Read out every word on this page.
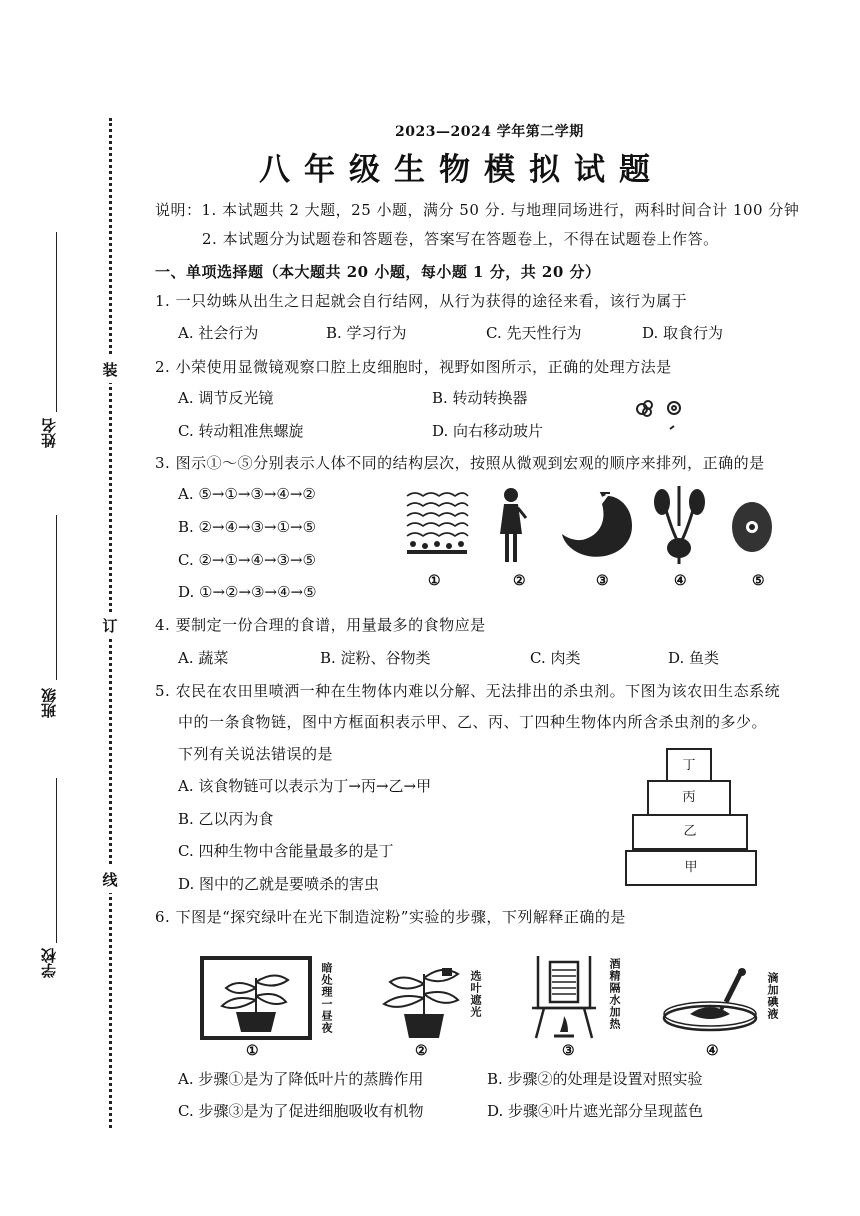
装
订
线
姓名
班级
学校
2023—2024 学年第二学期
八年级生物模拟试题
说明：1. 本试题共 2 大题，25 小题，满分 50 分. 与地理同场进行，两科时间合计 100 分钟
2. 本试题分为试题卷和答题卷，答案写在答题卷上，不得在试题卷上作答。
一、单项选择题（本大题共 20 小题，每小题 1 分，共 20 分）
1. 一只幼蛛从出生之日起就会自行结网，从行为获得的途径来看，该行为属于
A. 社会行为	B. 学习行为	C. 先天性行为	D. 取食行为
2. 小荣使用显微镜观察口腔上皮细胞时，视野如图所示，正确的处理方法是
A. 调节反光镜	B. 转动转换器
C. 转动粗准焦螺旋	D. 向右移动玻片
3. 图示①～⑤分别表示人体不同的结构层次，按照从微观到宏观的顺序来排列，正确的是
A. ⑤→①→③→④→②
B. ②→④→③→①→⑤
C. ②→①→④→③→⑤
D. ①→②→③→④→⑤
①	②	③	④	⑤
4. 要制定一份合理的食谱，用量最多的食物应是
A. 蔬菜	B. 淀粉、谷物类	C. 肉类	D. 鱼类
5. 农民在农田里喷洒一种在生物体内难以分解、无法排出的杀虫剂。下图为该农田生态系统
中的一条食物链，图中方框面积表示甲、乙、丙、丁四种生物体内所含杀虫剂的多少。
下列有关说法错误的是
A. 该食物链可以表示为丁→丙→乙→甲
B. 乙以丙为食
C. 四种生物中含能量最多的是丁
D. 图中的乙就是要喷杀的害虫
丁
丙
乙
甲
6. 下图是“探究绿叶在光下制造淀粉”实验的步骤，下列解释正确的是
暗处理一昼夜	选叶遮光	酒精隔水加热	滴加碘液
①	②	③	④
A. 步骤①是为了降低叶片的蒸腾作用	B. 步骤②的处理是设置对照实验
C. 步骤③是为了促进细胞吸收有机物	D. 步骤④叶片遮光部分呈现蓝色
